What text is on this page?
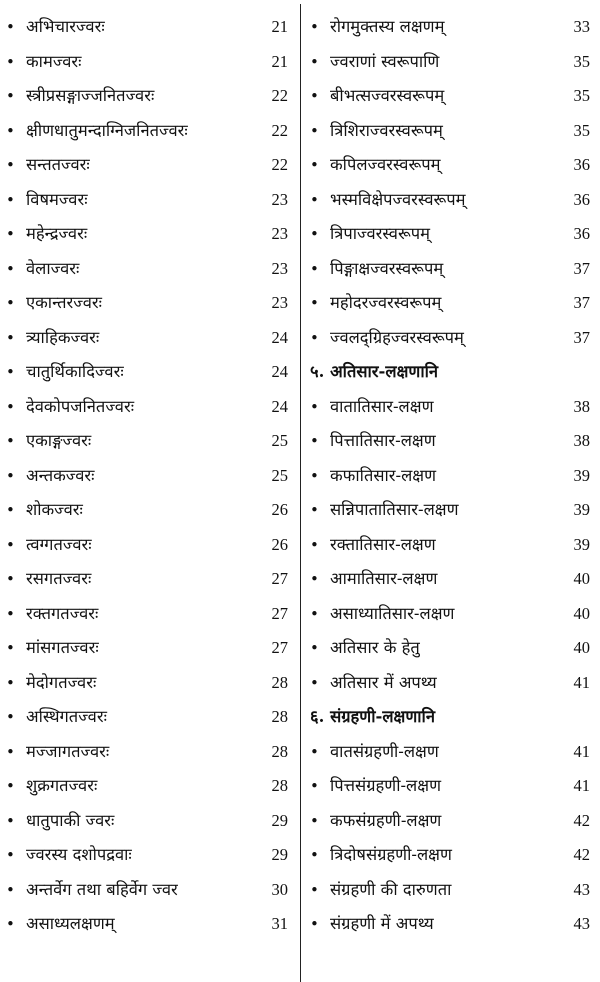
• अभिचारज्वरः	21
• कामज्वरः	21
• स्त्रीप्रसङ्गाज्जनितज्वरः	22
• क्षीणधातुमन्दाग्निजनितज्वरः	22
• सन्ततज्वरः	22
• विषमज्वरः	23
• महेन्द्रज्वरः	23
• वेलाज्वरः	23
• एकान्तरज्वरः	23
• त्र्याहिकज्वरः	24
• चातुर्थिकादिज्वरः	24
• देवकोपजनितज्वरः	24
• एकाङ्गज्वरः	25
• अन्तकज्वरः	25
• शोकज्वरः	26
• त्वग्गतज्वरः	26
• रसगतज्वरः	27
• रक्तगतज्वरः	27
• मांसगतज्वरः	27
• मेदोगतज्वरः	28
• अस्थिगतज्वरः	28
• मज्जागतज्वरः	28
• शुक्रगतज्वरः	28
• धातुपाकी ज्वरः	29
• ज्वरस्य दशोपद्रवाः	29
• अन्तर्वेग तथा बहिर्वेग ज्वर	30
• असाध्यलक्षणम्	31
• रोगमुक्तस्य लक्षणम्	33
• ज्वराणां स्वरूपाणि	35
• बीभत्सज्वरस्वरूपम्	35
• त्रिशिराज्वरस्वरूपम्	35
• कपिलज्वरस्वरूपम्	36
• भस्मविक्षेपज्वरस्वरूपम्	36
• त्रिपाज्वरस्वरूपम्	36
• पिङ्गाक्षज्वरस्वरूपम्	37
• महोदरज्वरस्वरूपम्	37
• ज्वलद्ग्रिहज्वरस्वरूपम्	37
५. अतिसार-लक्षणानि
• वातातिसार-लक्षण	38
• पित्तातिसार-लक्षण	38
• कफातिसार-लक्षण	39
• सन्निपातातिसार-लक्षण	39
• रक्तातिसार-लक्षण	39
• आमातिसार-लक्षण	40
• असाध्यातिसार-लक्षण	40
• अतिसार के हेतु	40
• अतिसार में अपथ्य	41
६. संग्रहणी-लक्षणानि
• वातसंग्रहणी-लक्षण	41
• पित्तसंग्रहणी-लक्षण	41
• कफसंग्रहणी-लक्षण	42
• त्रिदोषसंग्रहणी-लक्षण	42
• संग्रहणी की दारुणता	43
• संग्रहणी में अपथ्य	43
